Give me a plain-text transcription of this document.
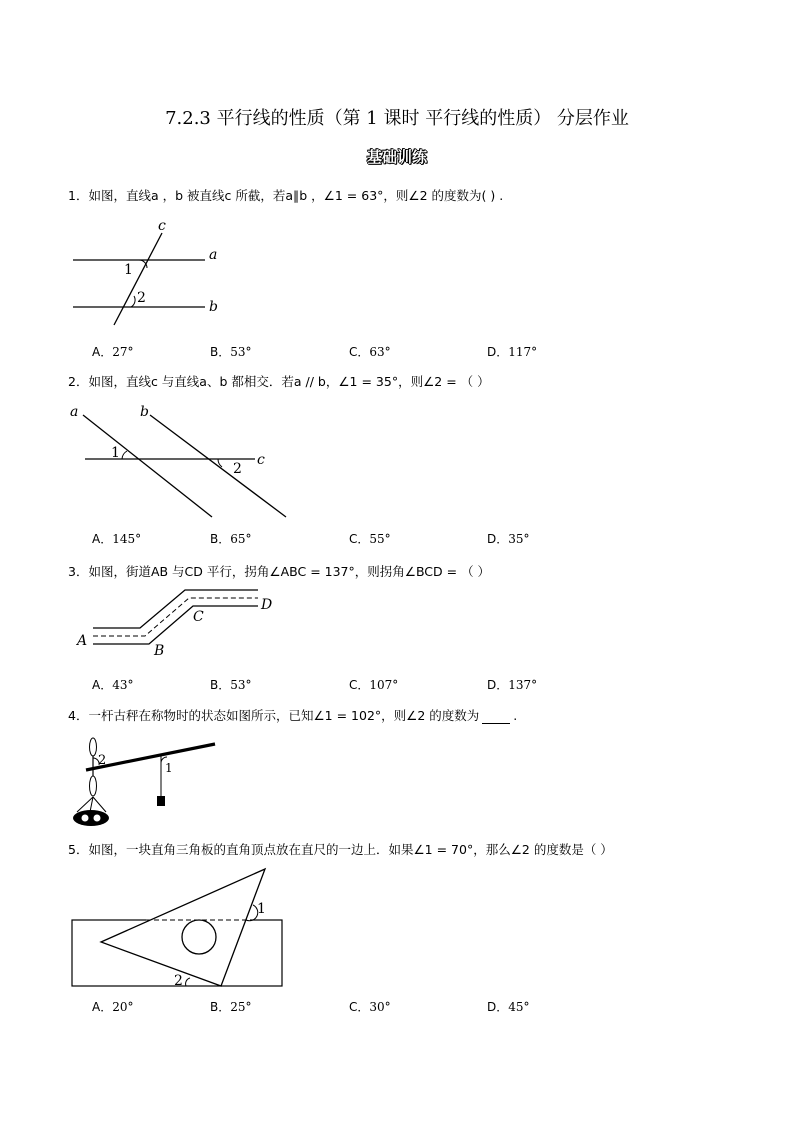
7.2.3 平行线的性质（第 1 课时 平行线的性质） 分层作业
基础训练
1．如图，直线a ，b 被直线c 所截，若a∥b ，∠1 = 63°，则∠2 的度数为( ) .
c
a
b
1
2
A．27°	B．53°	C．63°	D．117°
2．如图，直线c 与直线a、b 都相交．若a // b，∠1 = 35°，则∠2 = （ ）
a	b
c
1
2
A．145°	B．65°	C．55°	D．35°
3．如图，街道AB 与CD 平行，拐角∠ABC = 137°，则拐角∠BCD = （ ）
A
B
C
D
A．43°	B．53°	C．107°	D．137°
4．一杆古秤在称物时的状态如图所示，已知∠1 = 102°，则∠2 的度数为	.
2	1
5．如图，一块直角三角板的直角顶点放在直尺的一边上．如果∠1 = 70°，那么∠2 的度数是（ ）
1
2
A．20°	B．25°	C．30°	D．45°
